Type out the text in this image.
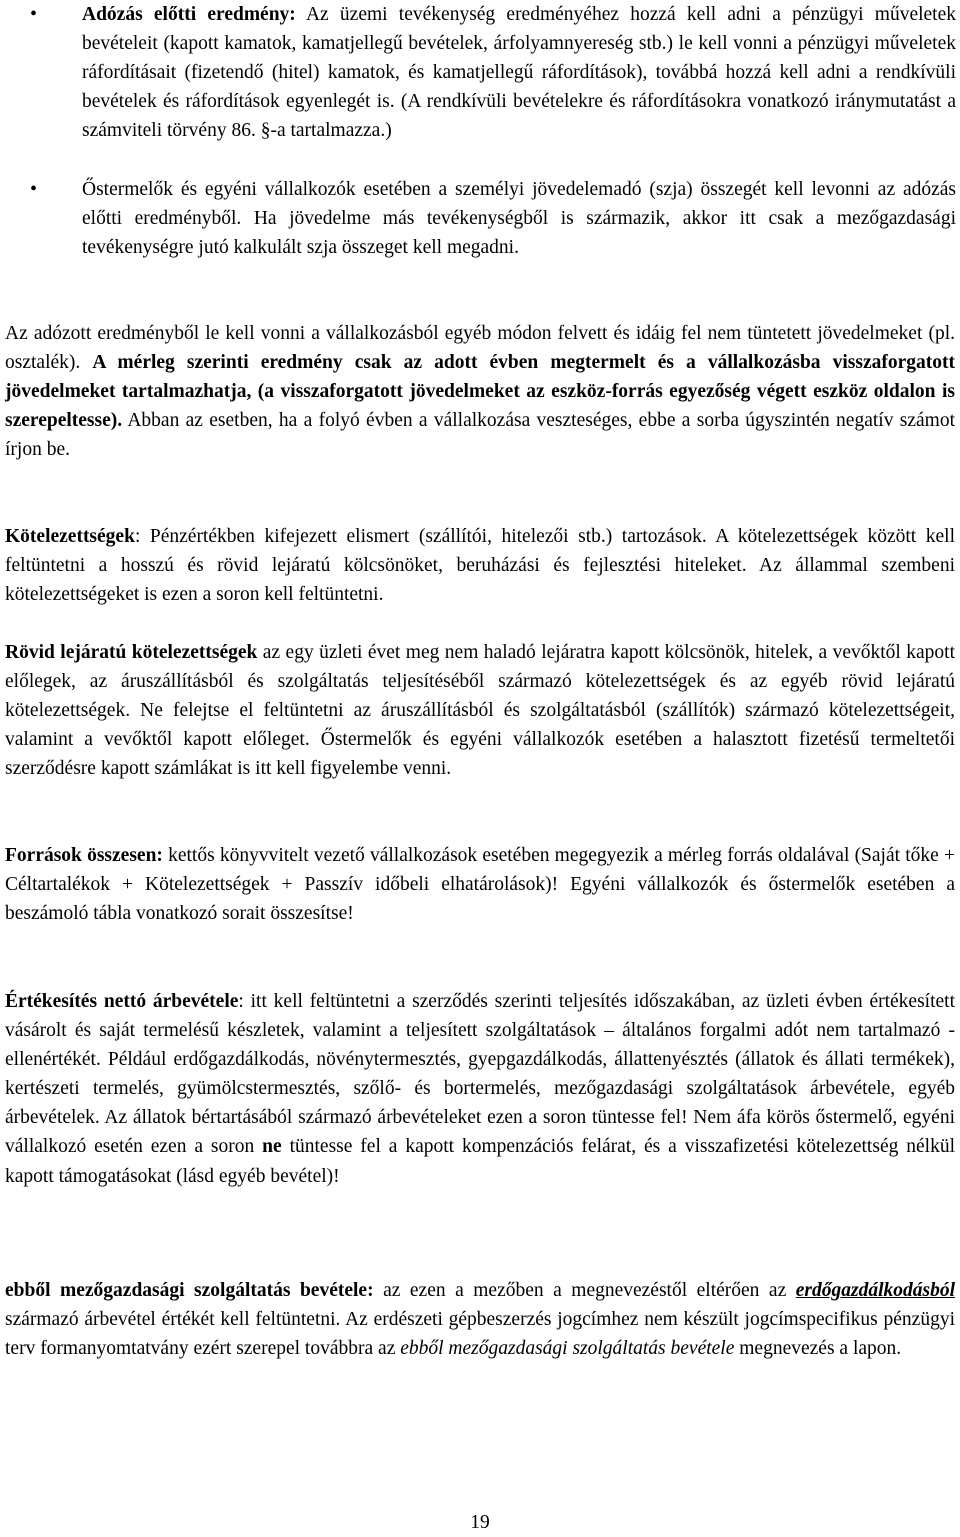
• Adózás előtti eredmény: Az üzemi tevékenység eredményéhez hozzá kell adni a pénzügyi műveletek bevételeit (kapott kamatok, kamatjellegű bevételek, árfolyamnyereség stb.) le kell vonni a pénzügyi műveletek ráfordításait (fizetendő (hitel) kamatok, és kamatjellegű ráfordítások), továbbá hozzá kell adni a rendkívüli bevételek és ráfordítások egyenlegét is. (A rendkívüli bevételekre és ráfordításokra vonatkozó iránymutatást a számviteli törvény 86. §-a tartalmazza.)

• Őstermelők és egyéni vállalkozók esetében a személyi jövedelemadó (szja) összegét kell levonni az adózás előtti eredményből. Ha jövedelme más tevékenységből is származik, akkor itt csak a mezőgazdasági tevékenységre jutó kalkulált szja összeget kell megadni.

Az adózott eredményből le kell vonni a vállalkozásból egyéb módon felvett és idáig fel nem tüntetett jövedelmeket (pl. osztalék). A mérleg szerinti eredmény csak az adott évben megtermelt és a vállalkozásba visszaforgatott jövedelmeket tartalmazhatja, (a visszaforgatott jövedelmeket az eszköz-forrás egyezőség végett eszköz oldalon is szerepeltesse). Abban az esetben, ha a folyó évben a vállalkozása veszteséges, ebbe a sorba úgyszintén negatív számot írjon be.

Kötelezettségek: Pénzértékben kifejezett elismert (szállítói, hitelezői stb.) tartozások. A kötelezettségek között kell feltüntetni a hosszú és rövid lejáratú kölcsönöket, beruházási és fejlesztési hiteleket. Az állammal szembeni kötelezettségeket is ezen a soron kell feltüntetni.

Rövid lejáratú kötelezettségek az egy üzleti évet meg nem haladó lejáratra kapott kölcsönök, hitelek, a vevőktől kapott előlegek, az áruszállításból és szolgáltatás teljesítéséből származó kötelezettségek és az egyéb rövid lejáratú kötelezettségek. Ne felejtse el feltüntetni az áruszállításból és szolgáltatásból (szállítók) származó kötelezettségeit, valamint a vevőktől kapott előleget. Őstermelők és egyéni vállalkozók esetében a halasztott fizetésű termeltetői szerződésre kapott számlákat is itt kell figyelembe venni.

Források összesen: kettős könyvvitelt vezető vállalkozások esetében megegyezik a mérleg forrás oldalával (Saját tőke + Céltartalékok + Kötelezettségek + Passzív időbeli elhatárolások)! Egyéni vállalkozók és őstermelők esetében a beszámoló tábla vonatkozó sorait összesítse!

Értékesítés nettó árbevétele: itt kell feltüntetni a szerződés szerinti teljesítés időszakában, az üzleti évben értékesített vásárolt és saját termelésű készletek, valamint a teljesített szolgáltatások – általános forgalmi adót nem tartalmazó - ellenértékét. Például erdőgazdálkodás, növénytermesztés, gyepgazdálkodás, állattenyésztés (állatok és állati termékek), kertészeti termelés, gyümölcstermesztés, szőlő- és bortermelés, mezőgazdasági szolgáltatások árbevétele, egyéb árbevételek. Az állatok bértartásából származó árbevételeket ezen a soron tüntesse fel! Nem áfa körös őstermelő, egyéni vállalkozó esetén ezen a soron ne tüntesse fel a kapott kompenzációs felárat, és a visszafizetési kötelezettség nélkül kapott támogatásokat (lásd egyéb bevétel)!

ebből mezőgazdasági szolgáltatás bevétele: az ezen a mezőben a megnevezéstől eltérően az erdőgazdálkodásból származó árbevétel értékét kell feltüntetni. Az erdészeti gépbeszerzés jogcímhez nem készült jogcímspecifikus pénzügyi terv formanyomtatvány ezért szerepel továbbra az ebből mezőgazdasági szolgáltatás bevétele megnevezés a lapon.

19
